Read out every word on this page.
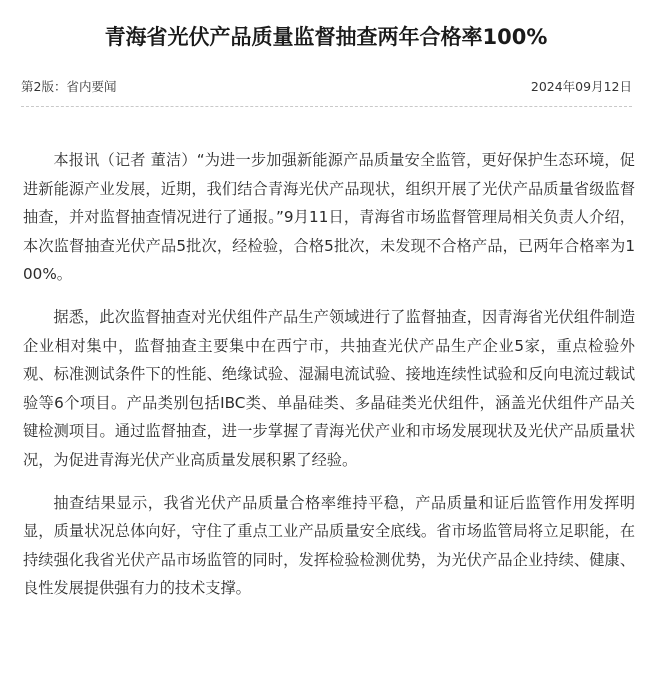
青海省光伏产品质量监督抽查两年合格率100%
第2版：省内要闻	2024年09月12日

本报讯（记者 董洁）“为进一步加强新能源产品质量安全监管，更好保护生态环境，促进新能源产业发展，近期，我们结合青海光伏产品现状，组织开展了光伏产品质量省级监督抽查，并对监督抽查情况进行了通报。”9月11日，青海省市场监督管理局相关负责人介绍，本次监督抽查光伏产品5批次，经检验，合格5批次，未发现不合格产品，已两年合格率为100%。

据悉，此次监督抽查对光伏组件产品生产领域进行了监督抽查，因青海省光伏组件制造企业相对集中，监督抽查主要集中在西宁市，共抽查光伏产品生产企业5家，重点检验外观、标准测试条件下的性能、绝缘试验、湿漏电流试验、接地连续性试验和反向电流过载试验等6个项目。产品类别包括IBC类、单晶硅类、多晶硅类光伏组件，涵盖光伏组件产品关键检测项目。通过监督抽查，进一步掌握了青海光伏产业和市场发展现状及光伏产品质量状况，为促进青海光伏产业高质量发展积累了经验。

抽查结果显示，我省光伏产品质量合格率维持平稳，产品质量和证后监管作用发挥明显，质量状况总体向好，守住了重点工业产品质量安全底线。省市场监管局将立足职能，在持续强化我省光伏产品市场监管的同时，发挥检验检测优势，为光伏产品企业持续、健康、良性发展提供强有力的技术支撑。
